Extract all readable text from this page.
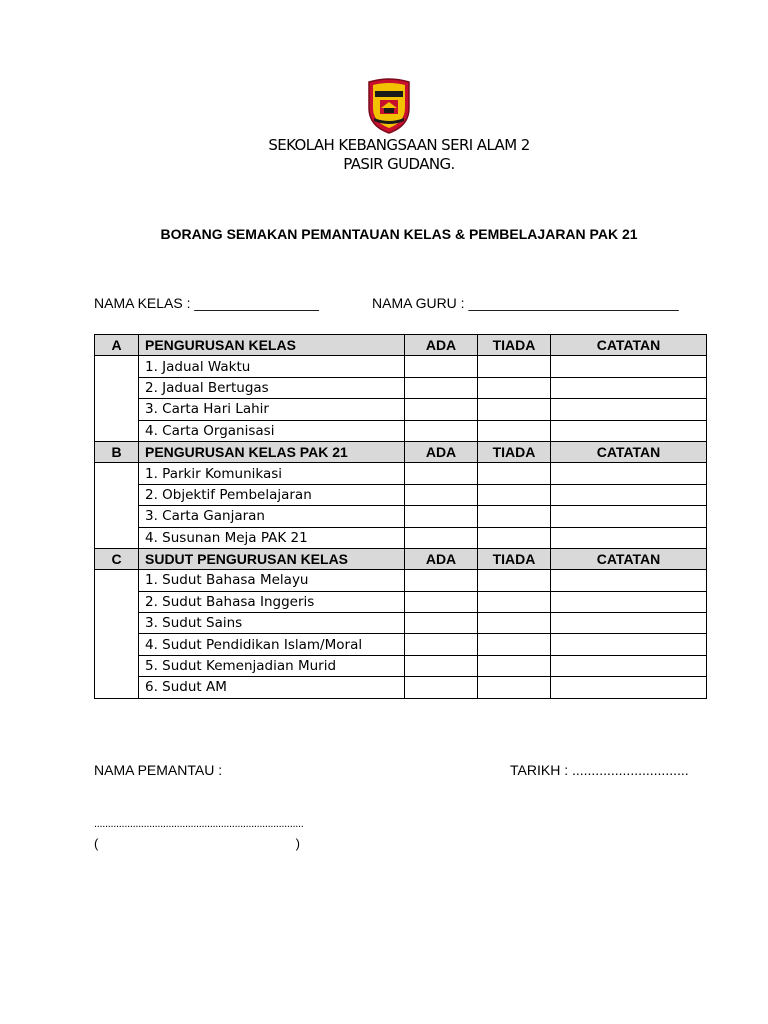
SEKOLAH KEBANGSAAN SERI ALAM 2
PASIR GUDANG.
BORANG SEMAKAN PEMANTAUAN KELAS & PEMBELAJARAN PAK 21
NAMA KELAS : ________________	NAMA GURU : ___________________________
A	PENGURUSAN KELAS	ADA	TIADA	CATATAN
	1. Jadual Waktu			
	2. Jadual Bertugas			
	3. Carta Hari Lahir			
	4. Carta Organisasi			
B	PENGURUSAN KELAS PAK 21	ADA	TIADA	CATATAN
	1. Parkir Komunikasi			
	2. Objektif Pembelajaran			
	3. Carta Ganjaran			
	4. Susunan Meja PAK 21			
C	SUDUT PENGURUSAN KELAS	ADA	TIADA	CATATAN
	1. Sudut Bahasa Melayu			
	2. Sudut Bahasa Inggeris			
	3. Sudut Sains			
	4. Sudut Pendidikan Islam/Moral			
	5. Sudut Kemenjadian Murid			
	6. Sudut AM			
NAMA PEMANTAU :	TARIKH : ..............................
............................................................................
(	)
